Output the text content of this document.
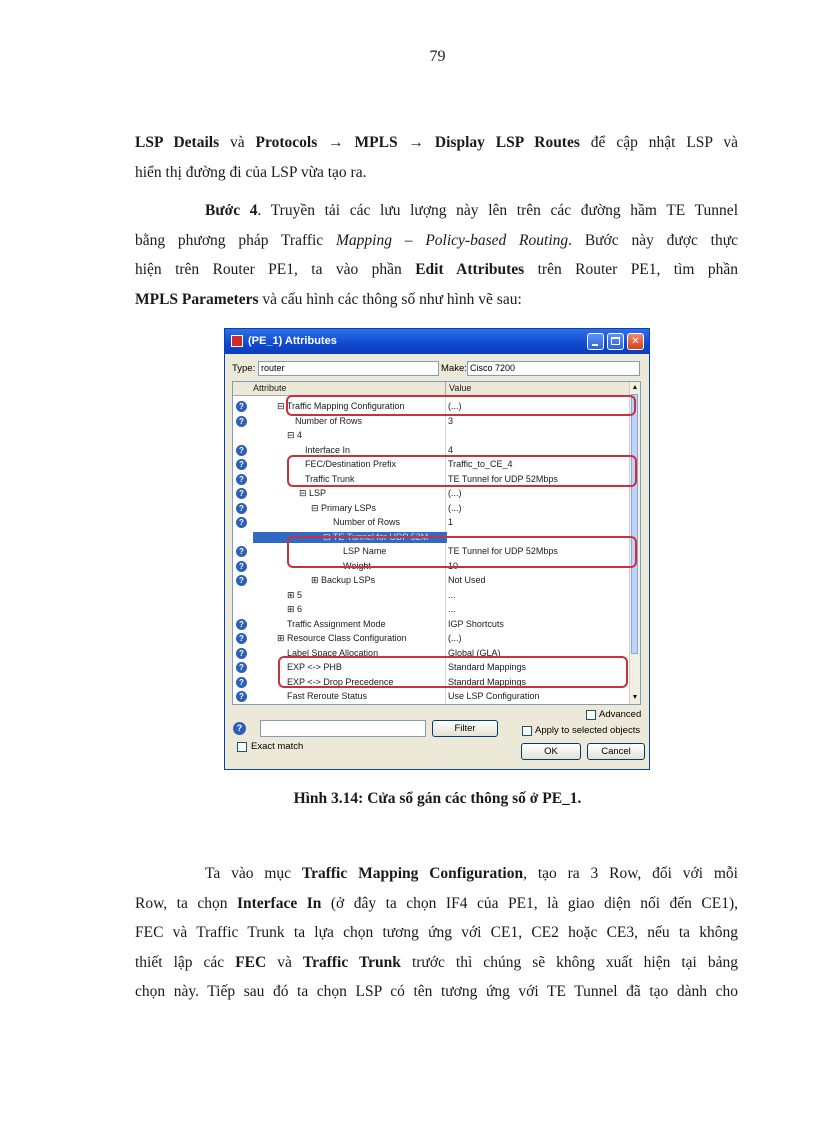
79

LSP Details và Protocols → MPLS → Display LSP Routes để cập nhật LSP và
hiển thị đường đi của LSP vừa tạo ra.

Bước 4. Truyền tải các lưu lượng này lên trên các đường hầm TE Tunnel
bằng phương pháp Traffic Mapping – Policy-based Routing. Bước này được thực
hiện trên Router PE1, ta vào phần Edit Attributes trên Router PE1, tìm phần
MPLS Parameters và cấu hình các thông số như hình vẽ sau:

(PE_1) Attributes	✕
Type: router	Make: Cisco 7200
Advanced
?	Filter	Apply to selected objects
Exact match	OK	Cancel
Attribute	Value
?	⊟ Traffic Mapping Configuration	(...)
?	Number of Rows	3
⊟ 4
?	Interface In	4
?	FEC/Destination Prefix	Traffic_to_CE_4
?	Traffic Trunk	TE Tunnel for UDP 52Mbps
?	⊟ LSP	(...)
?	⊟ Primary LSPs	(...)
?	Number of Rows	1
⊟ TE Tunnel for UDP 52M
?	LSP Name	TE Tunnel for UDP 52Mbps
?	Weight	10
?	⊞ Backup LSPs	Not Used
⊞ 5	...
⊞ 6	...
?	Traffic Assignment Mode	IGP Shortcuts
?	⊞ Resource Class Configuration	(...)
?	Label Space Allocation	Global (GLA)
?	EXP <-> PHB	Standard Mappings
?	EXP <-> Drop Precedence	Standard Mappings
?	Fast Reroute Status	Use LSP Configuration
▲
▼
Hình 3.14: Cửa sổ gán các thông số ở PE_1.

Ta vào mục Traffic Mapping Configuration, tạo ra 3 Row, đối với mỗi
Row, ta chọn Interface In (ở đây ta chọn IF4 của PE1, là giao diện nối đến CE1),
FEC và Traffic Trunk ta lựa chọn tương ứng với CE1, CE2 hoặc CE3, nếu ta không
thiết lập các FEC và Traffic Trunk trước thì chúng sẽ không xuất hiện tại bảng
chọn này. Tiếp sau đó ta chọn LSP có tên tương ứng với TE Tunnel đã tạo dành cho
